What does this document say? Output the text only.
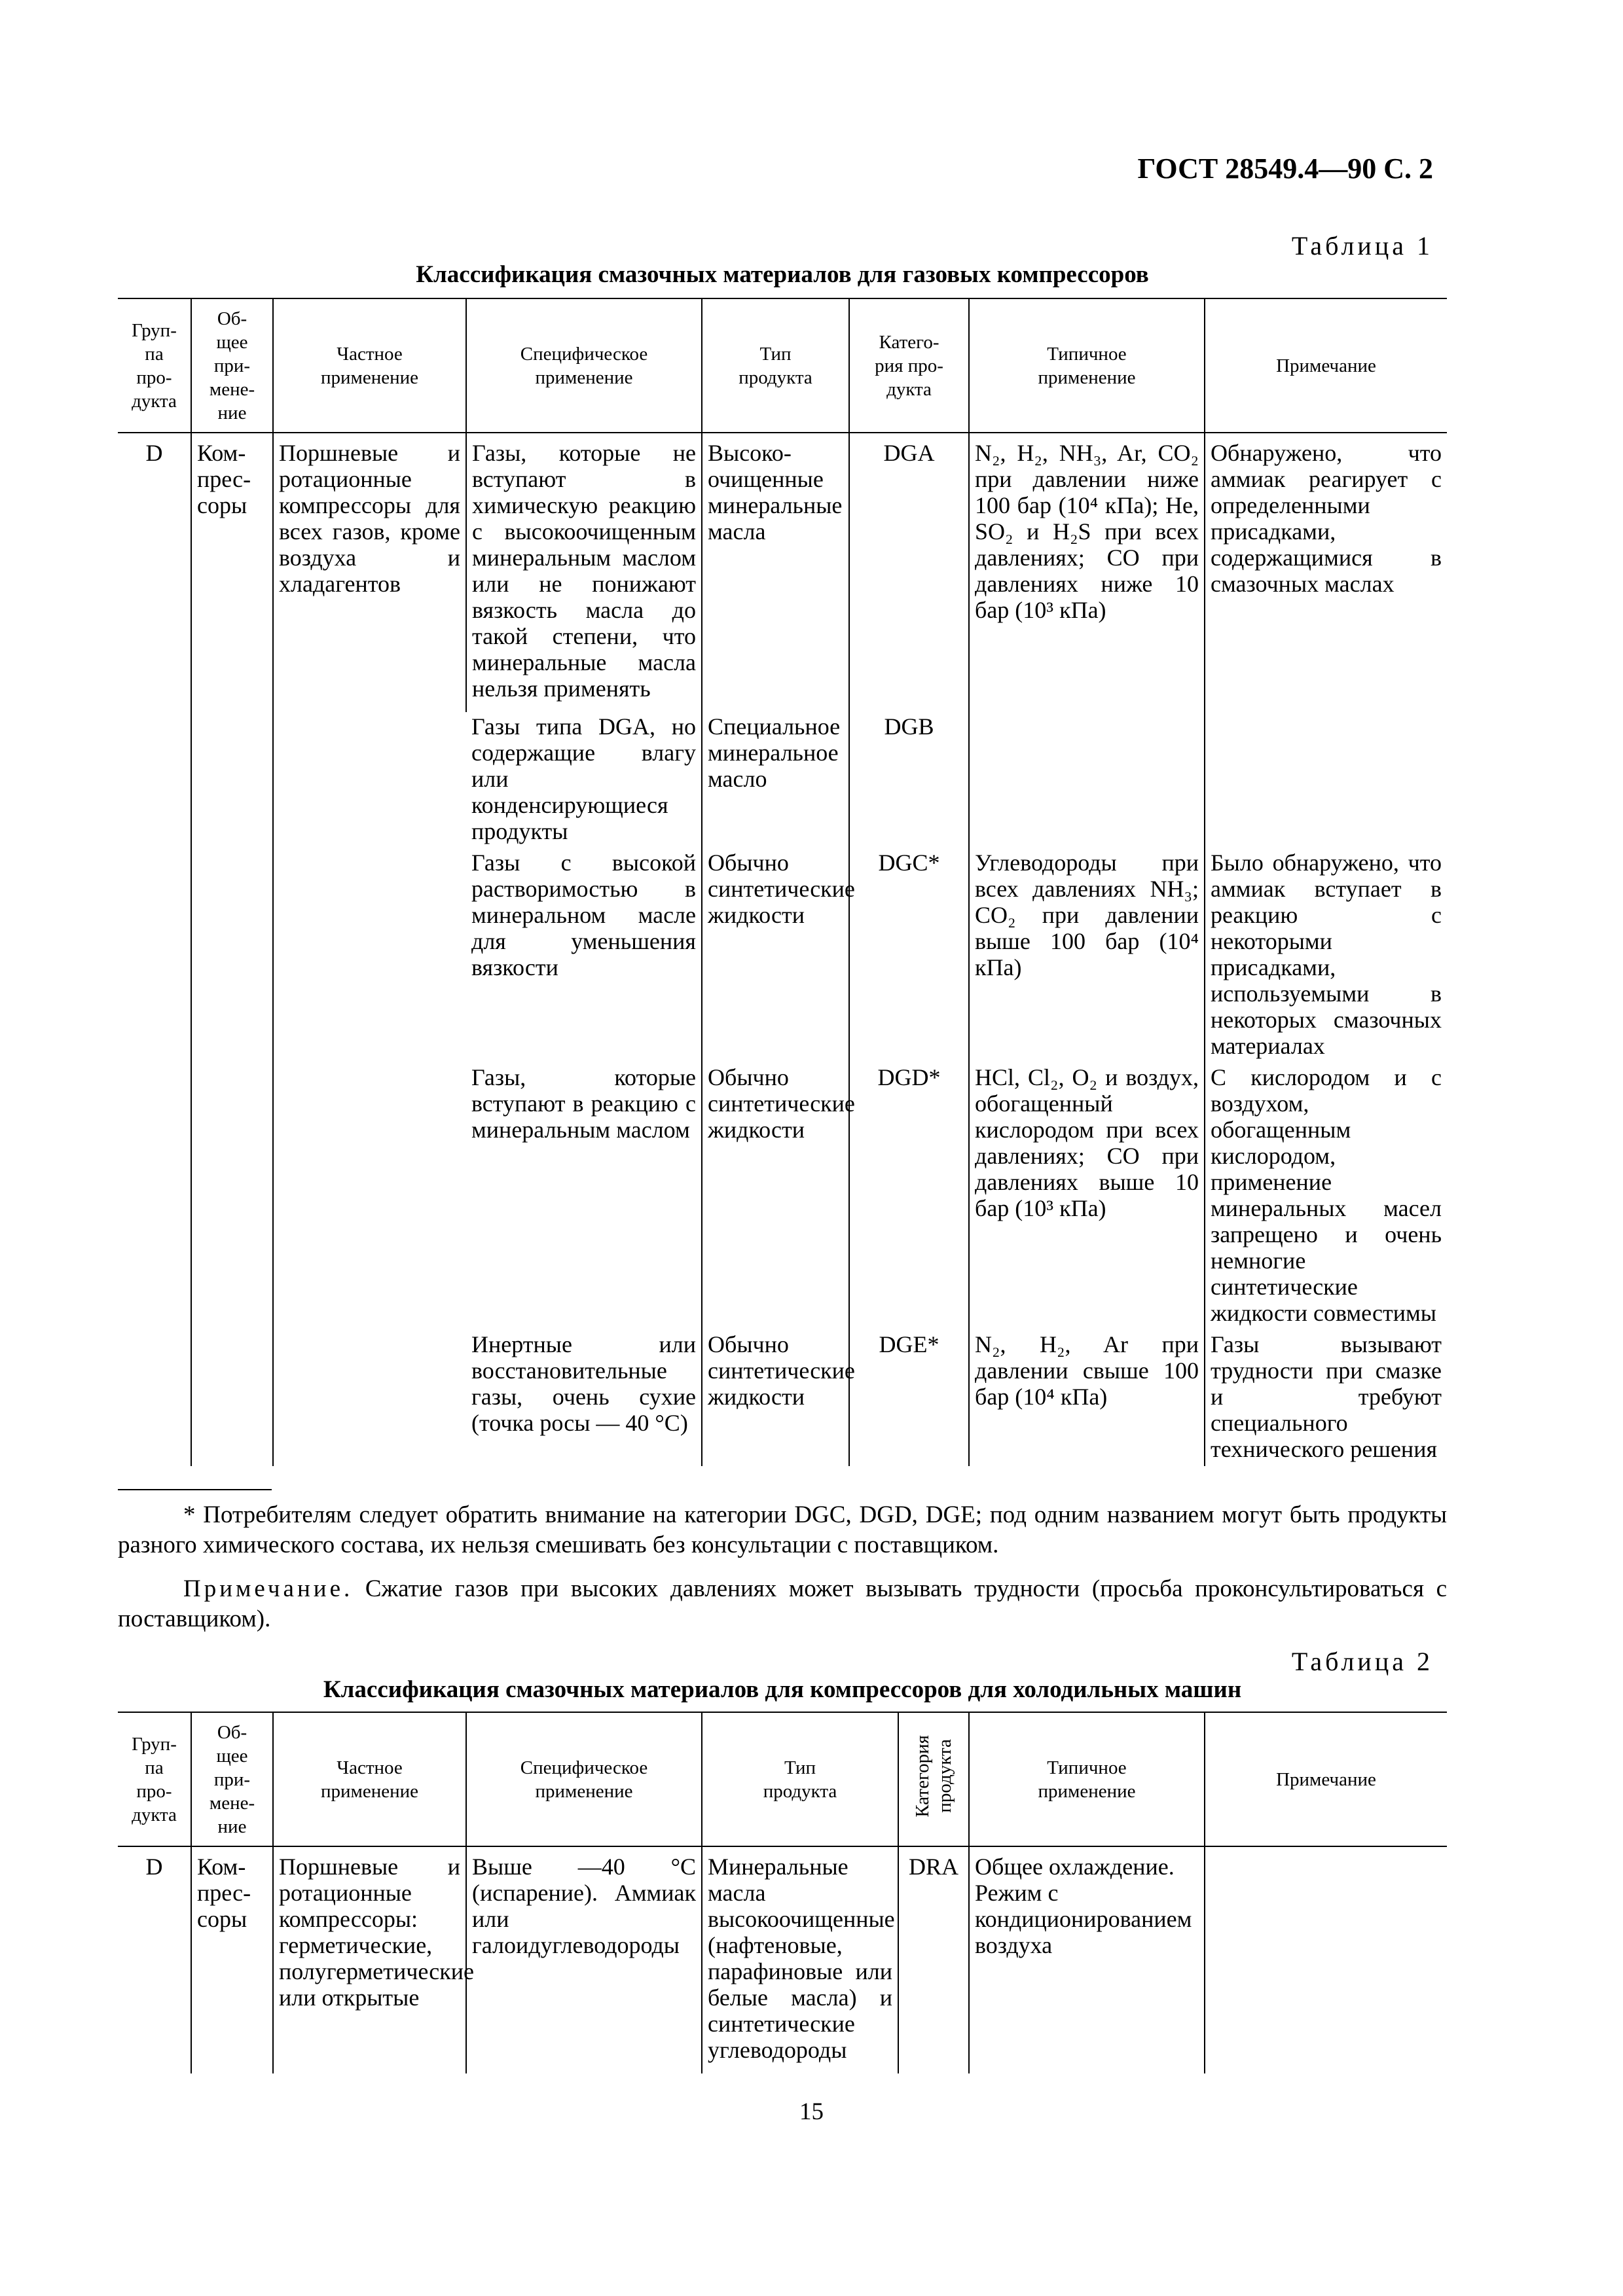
ГОСТ 28549.4—90 С. 2
Таблица 1
Классификация смазочных материалов для газовых компрессоров
Груп-
па
про-
дукта	Об-
щее
при-
мене-
ние	Частное
применение	Специфическое
применение	Тип
продукта	Катего-
рия про-
дукта	Типичное
применение	Примечание
D	Ком-
прес-
соры	Поршневые и ротационные компрессоры для всех газов, кроме воздуха и хладагентов	Газы, которые не вступают в химическую реакцию с высокоочищенным минеральным маслом или не понижают вязкость масла до такой степени, что минеральные масла нельзя применять	Высоко-очищенные минеральные масла	DGA	N₂, H₂, NH₃, Ar, CO₂ при давлении ниже 100 бар (10⁴ кПа); He, SO₂ и H₂S при всех давлениях; CO при давлениях ниже 10 бар (10³ кПа)	Обнаружено, что аммиак реагирует с определенными присадками, содержащимися в смазочных маслах
			Газы типа DGA, но содержащие влагу или конденсирующиеся продукты	Специальное минеральное масло	DGB		
			Газы с высокой растворимостью в минеральном масле для уменьшения вязкости	Обычно синтетические жидкости	DGC*	Углеводороды при всех давлениях NH₃; CO₂ при давлении выше 100 бар (10⁴ кПа)	Было обнаружено, что аммиак вступает в реакцию с некоторыми присадками, используемыми в некоторых смазочных материалах
			Газы, которые вступают в реакцию с минеральным маслом	Обычно синтетические жидкости	DGD*	HCl, Cl₂, O₂ и воздух, обогащенный кислородом при всех давлениях; CO при давлениях выше 10 бар (10³ кПа)	С кислородом и с воздухом, обогащенным кислородом, применение минеральных масел запрещено и очень немногие синтетические жидкости совместимы
			Инертные или восстановительные газы, очень сухие (точка росы — 40 °С)	Обычно синтетические жидкости	DGE*	N₂, H₂, Ar при давлении свыше 100 бар (10⁴ кПа)	Газы вызывают трудности при смазке и требуют специального технического решения
* Потребителям следует обратить внимание на категории DGC, DGD, DGE; под одним названием могут быть продукты разного химического состава, их нельзя смешивать без консультации с поставщиком.
Примечание. Сжатие газов при высоких давлениях может вызывать трудности (просьба проконсультироваться с поставщиком).
Таблица 2
Классификация смазочных материалов для компрессоров для холодильных машин
Груп-
па
про-
дукта	Об-
щее
при-
мене-
ние	Частное
применение	Специфическое
применение	Тип
продукта	Категория
продукта	Типичное
применение	Примечание
D	Ком-
прес-
соры	Поршневые и ротационные компрессоры: герметические, полугерметические или открытые	Выше —40 °С (испарение). Аммиак или галоидуглеводороды	Минеральные масла высокоочищенные (нафтеновые, парафиновые или белые масла) и синтетические углеводороды	DRA	Общее охлаждение. Режим с кондиционированием воздуха	
15
